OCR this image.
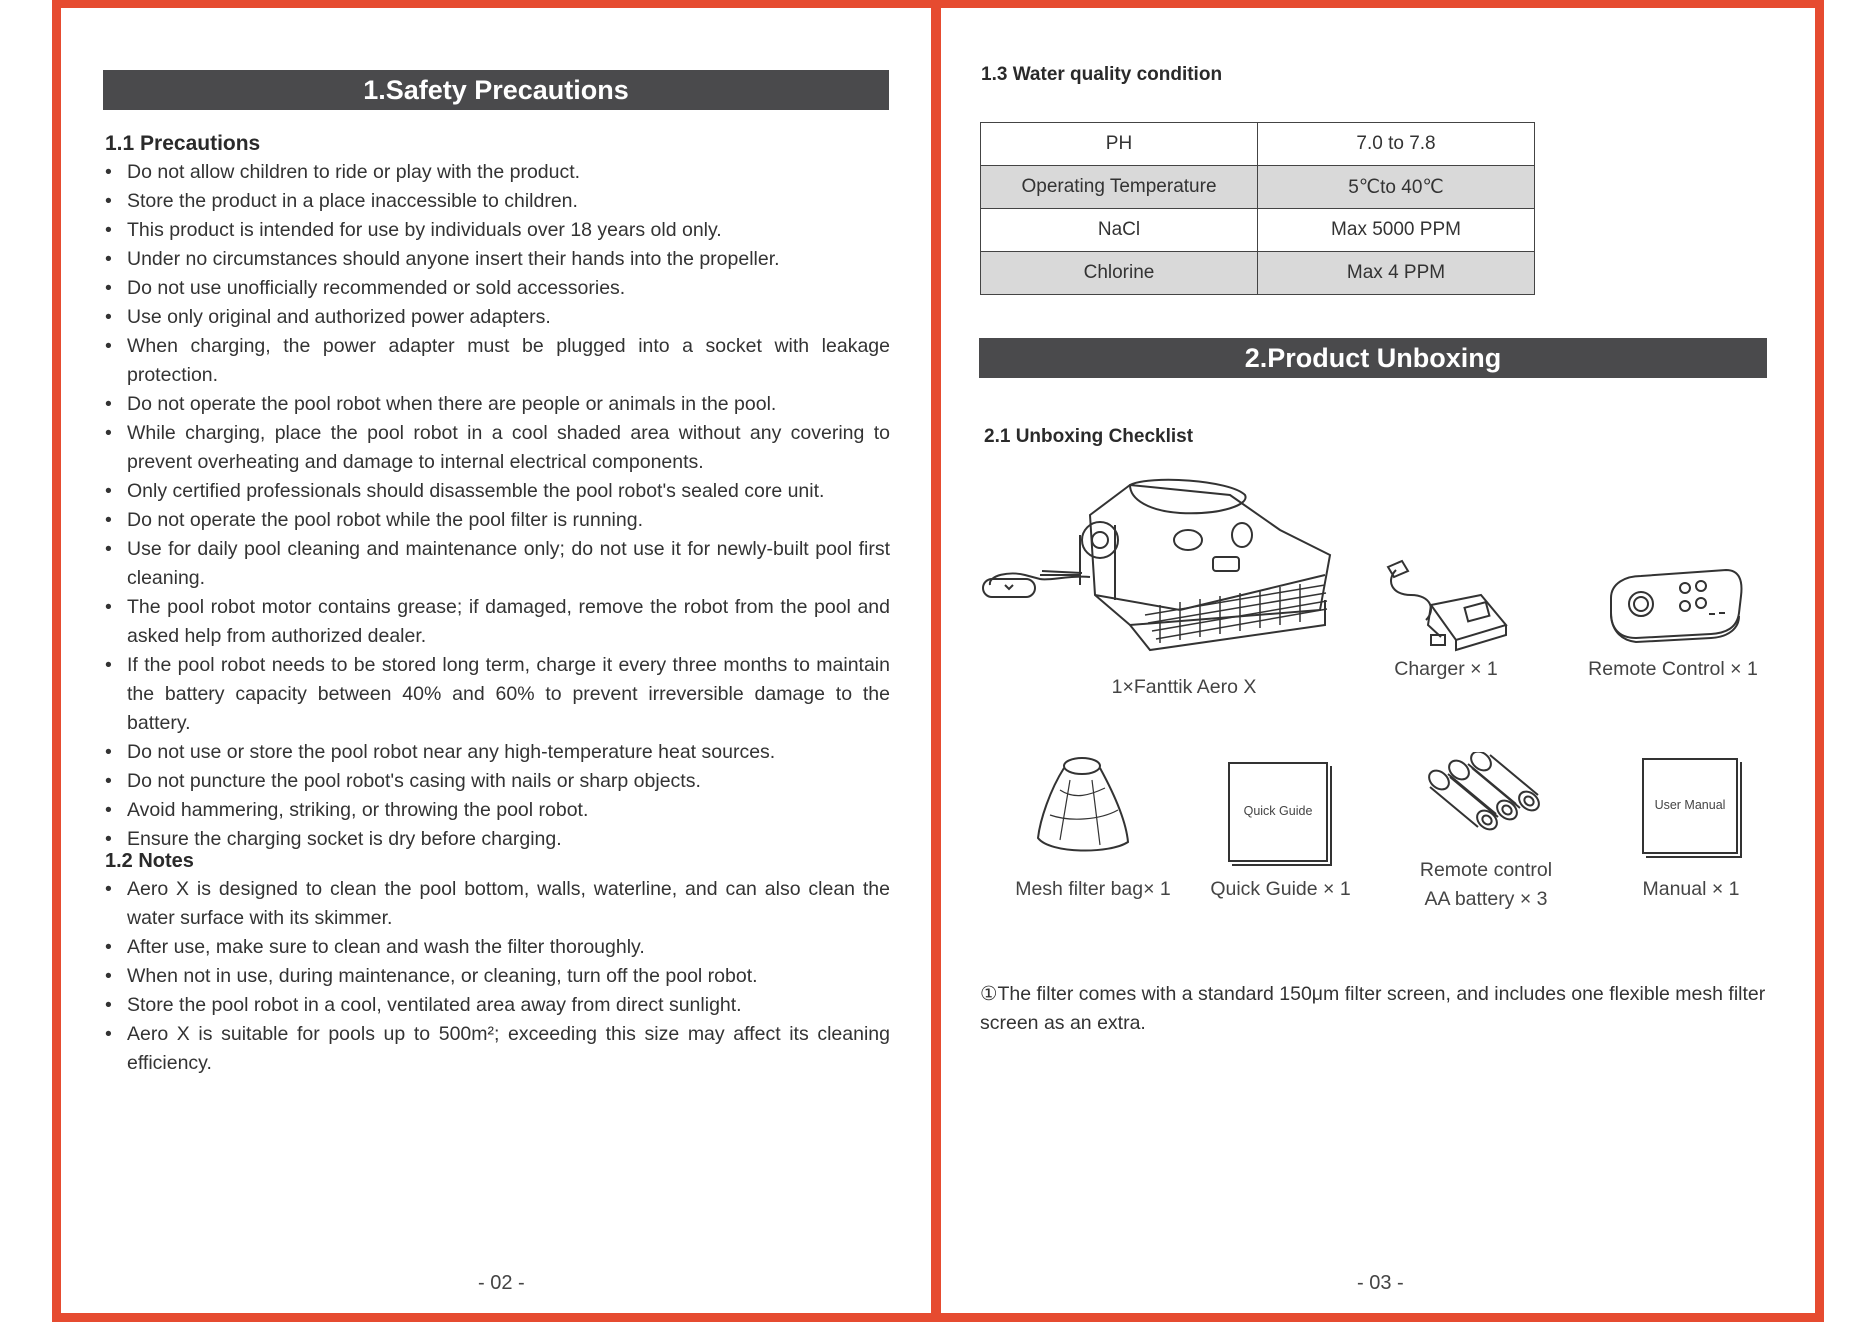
1.Safety Precautions
1.1 Precautions
• Do not allow children to ride or play with the product.
• Store the product in a place inaccessible to children.
• This product is intended for use by individuals over 18 years old only.
• Under no circumstances should anyone insert their hands into the propeller.
• Do not use unofficially recommended or sold accessories.
• Use only original and authorized power adapters.
• When charging, the power adapter must be plugged into a socket with leakage protection.
• Do not operate the pool robot when there are people or animals in the pool.
• While charging, place the pool robot in a cool shaded area without any covering to prevent overheating and damage to internal electrical components.
• Only certified professionals should disassemble the pool robot's sealed core unit.
• Do not operate the pool robot while the pool filter is running.
• Use for daily pool cleaning and maintenance only; do not use it for newly-built pool first cleaning.
• The pool robot motor contains grease; if damaged, remove the robot from the pool and asked help from authorized dealer.
• If the pool robot needs to be stored long term, charge it every three months to maintain the battery capacity between 40% and 60% to prevent irreversible damage to the battery.
• Do not use or store the pool robot near any high-temperature heat sources.
• Do not puncture the pool robot's casing with nails or sharp objects.
• Avoid hammering, striking, or throwing the pool robot.
• Ensure the charging socket is dry before charging.
1.2 Notes
• Aero X is designed to clean the pool bottom, walls, waterline, and can also clean the water surface with its skimmer.
• After use, make sure to clean and wash the filter thoroughly.
• When not in use, during maintenance, or cleaning, turn off the pool robot.
• Store the pool robot in a cool, ventilated area away from direct sunlight.
• Aero X is suitable for pools up to 500m²; exceeding this size may affect its cleaning efficiency.
- 02 -
1.3 Water quality condition
PH	7.0 to 7.8
Operating Temperature	5℃to 40℃
NaCl	Max 5000 PPM
Chlorine	Max 4 PPM
2.Product Unboxing
2.1 Unboxing Checklist
1×Fanttik Aero X
Charger × 1	Remote Control × 1
Mesh filter bag× 1
Quick Guide
Quick Guide × 1
Remote control
AA battery × 3
User Manual
Manual × 1
①The filter comes with a standard 150μm filter screen, and includes one flexible mesh filter screen as an extra.
- 03 -
